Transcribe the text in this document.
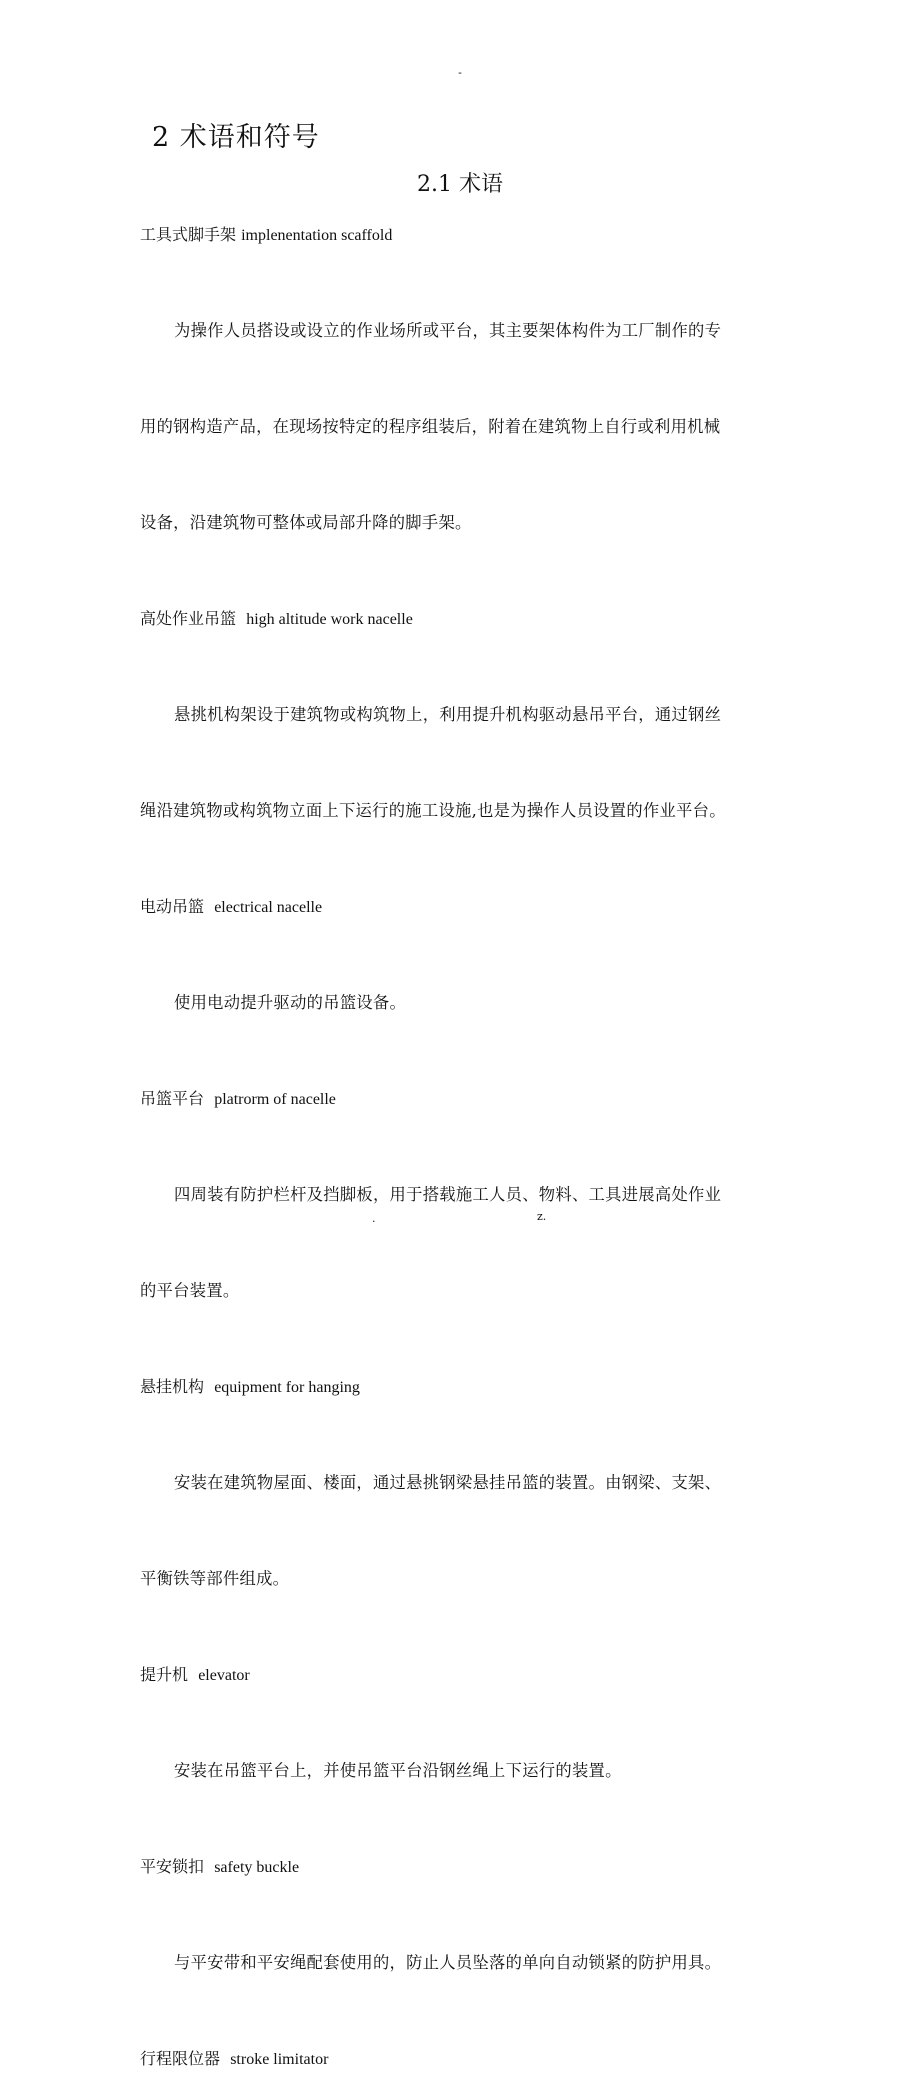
-
2 术语和符号
2.1 术语

工具式脚手架 implenentation scaffold

为操作人员搭设或设立的作业场所或平台，其主要架体构件为工厂制作的专

用的钢构造产品，在现场按特定的程序组装后，附着在建筑物上自行或利用机械

设备，沿建筑物可整体或局部升降的脚手架。

高处作业吊篮 high altitude work nacelle

悬挑机构架设于建筑物或构筑物上，利用提升机构驱动悬吊平台，通过钢丝

绳沿建筑物或构筑物立面上下运行的施工设施,也是为操作人员设置的作业平台。

电动吊篮 electrical nacelle

使用电动提升驱动的吊篮设备。

吊篮平台 platrorm of nacelle

四周装有防护栏杆及挡脚板，用于搭载施工人员、物料、工具进展高处作业

的平台装置。

悬挂机构 equipment for hanging

安装在建筑物屋面、楼面，通过悬挑钢梁悬挂吊篮的装置。由钢梁、支架、

平衡铁等部件组成。

提升机 elevator

安装在吊篮平台上，并使吊篮平台沿钢丝绳上下运行的装置。

平安锁扣 safety buckle

与平安带和平安绳配套使用的，防止人员坠落的单向自动锁紧的防护用具。

行程限位器 stroke limitator

.	z.
